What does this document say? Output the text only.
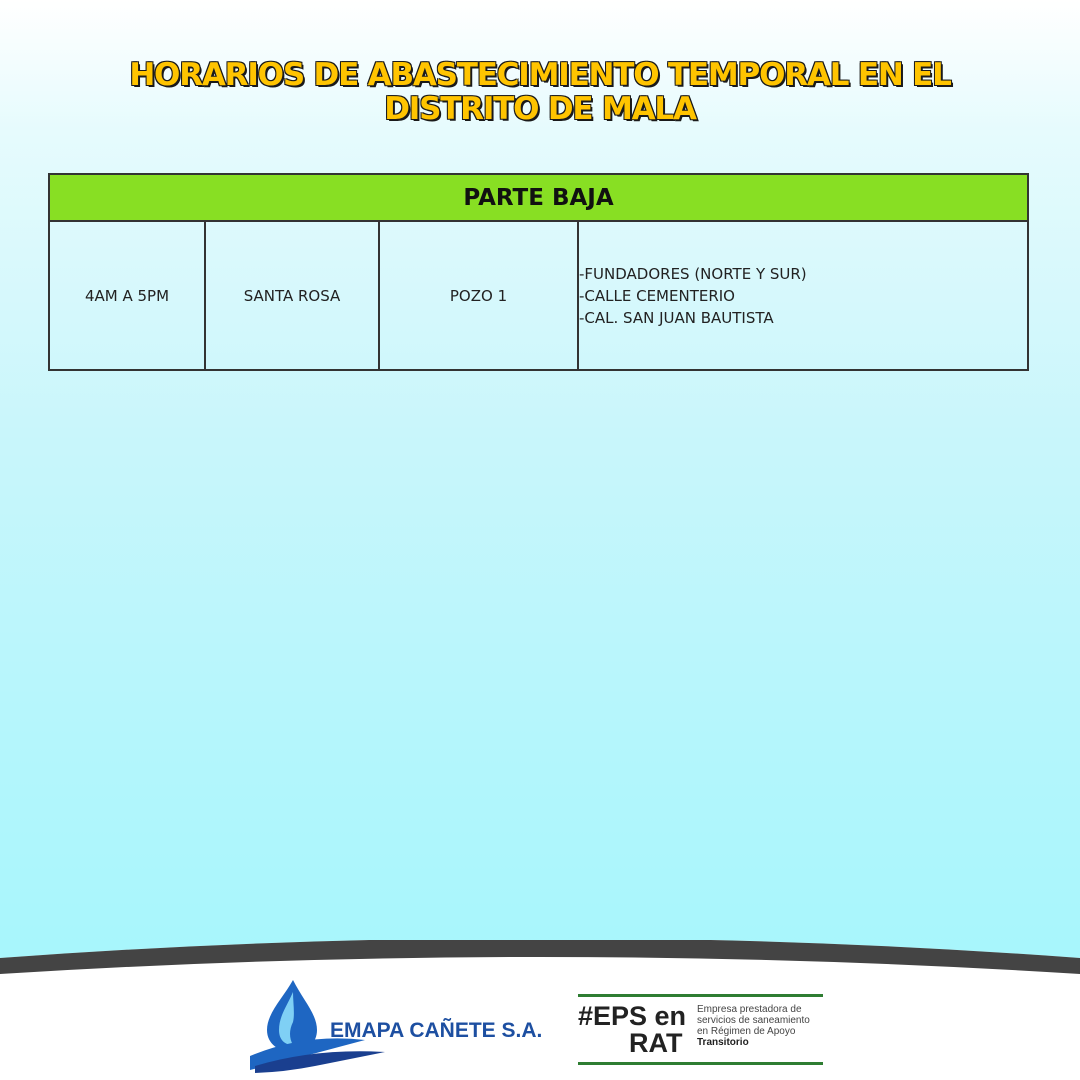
HORARIOS DE ABASTECIMIENTO TEMPORAL EN EL
DISTRITO DE MALA
PARTE BAJA
4AM A 5PM	SANTA ROSA	POZO 1
-FUNDADORES (NORTE Y SUR)
-CALLE CEMENTERIO
-CAL. SAN JUAN BAUTISTA
EMAPA CAÑETE S.A. #EPS en
RAT
Empresa prestadora de
servicios de saneamiento
en Régimen de Apoyo
Transitorio
